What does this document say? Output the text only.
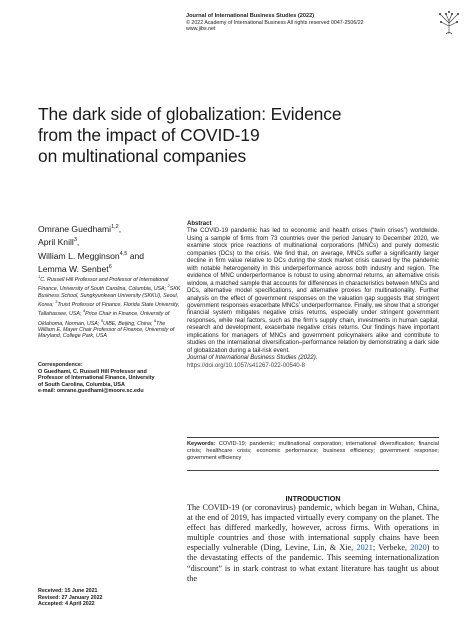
Journal of International Business Studies (2022)
© 2022 Academy of International Business All rights reserved 0047-2506/22
www.jibs.net
The dark side of globalization: Evidence
from the impact of COVID-19
on multinational companies
Omrane Guedhami$^{1,2}$,
April Knill$^3$,
William L. Megginson$^{4,5}$ and
Lemma W. Senbet$^6$
$^1$C. Russell Hill Professor and Professor of International Finance, University of South Carolina, Columbia, USA; $^2$SKK Business School, Sungkyunkwan University (SKKU), Seoul, Korea; $^3$Truist Professor of Finance, Florida State University, Tallahassee, USA; $^4$Price Chair in Finance, University of Oklahoma, Norman, USA; $^5$UIBE, Beijing, China; $^6$The William E. Mayer Chair Professor of Finance, University of Maryland, College Park, USA
Correspondence:
O Guedhami, C. Russell Hill Professor and
Professor of International Finance, University
of South Carolina, Columbia, USA
e-mail: omrane.guedhami@moore.sc.edu
Abstract

The COVID-19 pandemic has led to economic and health crises (“twin crises”) worldwide. Using a sample of firms from 73 countries over the period January to December 2020, we examine stock price reactions of multinational corporations (MNCs) and purely domestic companies (DCs) to the crisis. We find that, on average, MNCs suffer a significantly larger decline in firm value relative to DCs during the stock market crisis caused by the pandemic with notable heterogeneity in this underperformance across both industry and region. The evidence of MNC underperformance is robust to using abnormal returns, an alternative crisis window, a matched sample that accounts for differences in characteristics between MNCs and DCs, alternative model specifications, and alternative proxies for multinationality. Further analysis on the effect of government responses on the valuation gap suggests that stringent government responses exacerbate MNCs’ underperformance. Finally, we show that a stronger financial system mitigates negative crisis returns, especially under stringent government responses, while real factors, such as the firm’s supply chain, investments in human capital, research and development, exacerbate negative crisis returns. Our findings have important implications for managers of MNCs and government policymakers alike and contribute to studies on the international diversification–performance relation by demonstrating a dark side of globalization during a tail-risk event.

Journal of International Business Studies (2022).
https://doi.org/10.1057/s41267-022-00540-8
Keywords: COVID-19; pandemic; multinational corporation; international diversification; financial crisis; healthcare crisis; economic performance; business efficiency; government response; government efficiency
INTRODUCTION
The COVID-19 (or coronavirus) pandemic, which began in Wuhan, China, at the end of 2019, has impacted virtually every company on the planet. The effect has differed markedly, however, across firms. With operations in multiple countries and those with international supply chains have been especially vulnerable (Ding, Levine, Lin, & Xie, 2021; Verbeke, 2020) to the devastating effects of the pandemic. This seeming internationalization “discount” is in stark contrast to what extant literature has taught us about the
Received: 15 June 2021
Revised: 27 January 2022
Accepted: 4 April 2022
